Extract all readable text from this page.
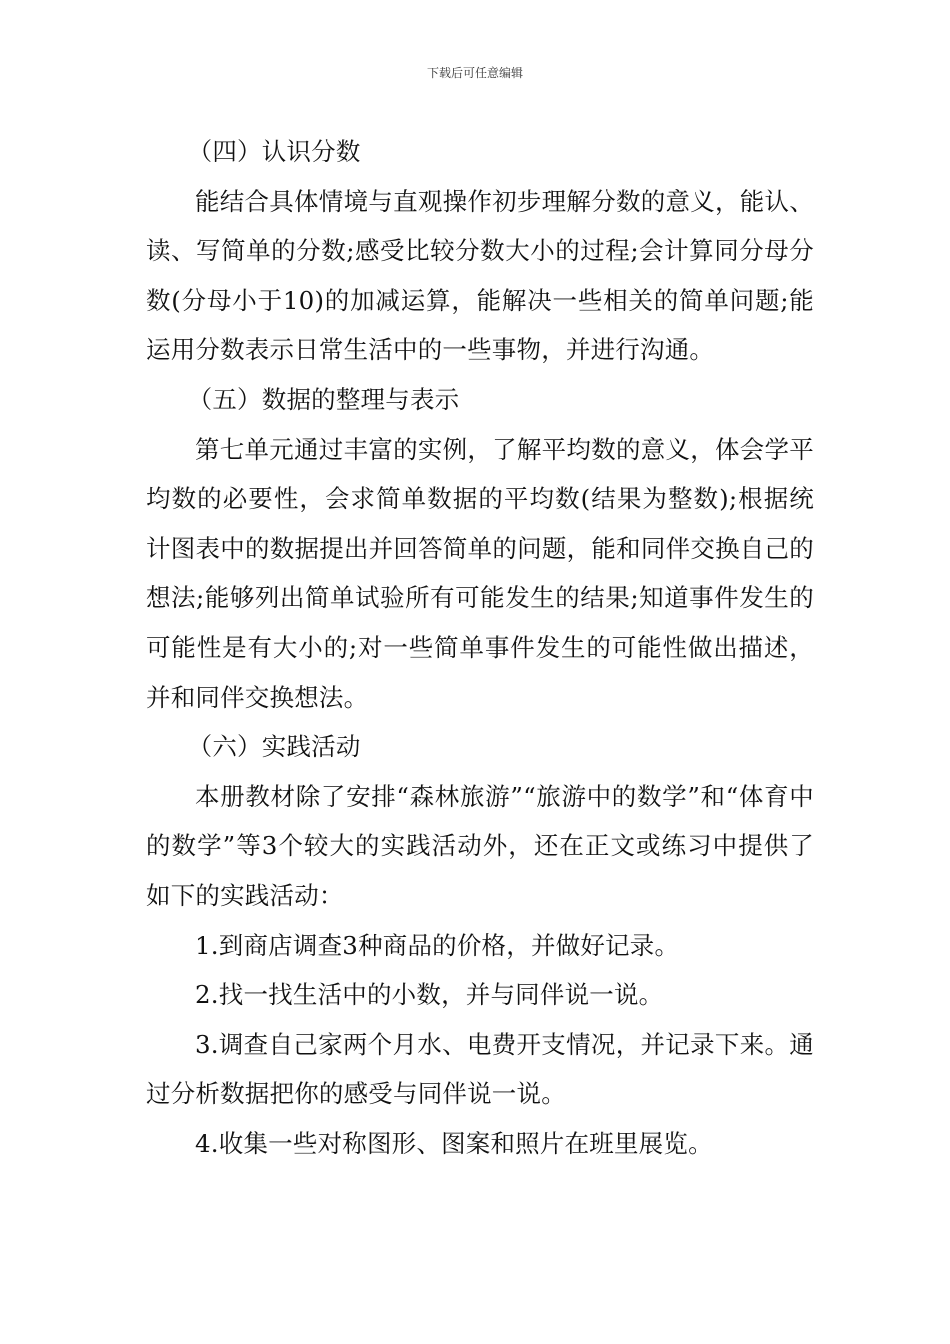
下载后可任意编辑

（四）认识分数

能结合具体情境与直观操作初步理解分数的意义，能认、读、写简单的分数;感受比较分数大小的过程;会计算同分母分数(分母小于10)的加减运算，能解决一些相关的简单问题;能运用分数表示日常生活中的一些事物，并进行沟通。

（五）数据的整理与表示

第七单元通过丰富的实例，了解平均数的意义，体会学平均数的必要性，会求简单数据的平均数(结果为整数);根据统计图表中的数据提出并回答简单的问题，能和同伴交换自己的想法;能够列出简单试验所有可能发生的结果;知道事件发生的可能性是有大小的;对一些简单事件发生的可能性做出描述，并和同伴交换想法。

（六）实践活动

本册教材除了安排“森林旅游”“旅游中的数学”和“体育中的数学”等3个较大的实践活动外，还在正文或练习中提供了如下的实践活动：

1.到商店调查3种商品的价格，并做好记录。

2.找一找生活中的小数，并与同伴说一说。

3.调查自己家两个月水、电费开支情况，并记录下来。通过分析数据把你的感受与同伴说一说。

4.收集一些对称图形、图案和照片在班里展览。
